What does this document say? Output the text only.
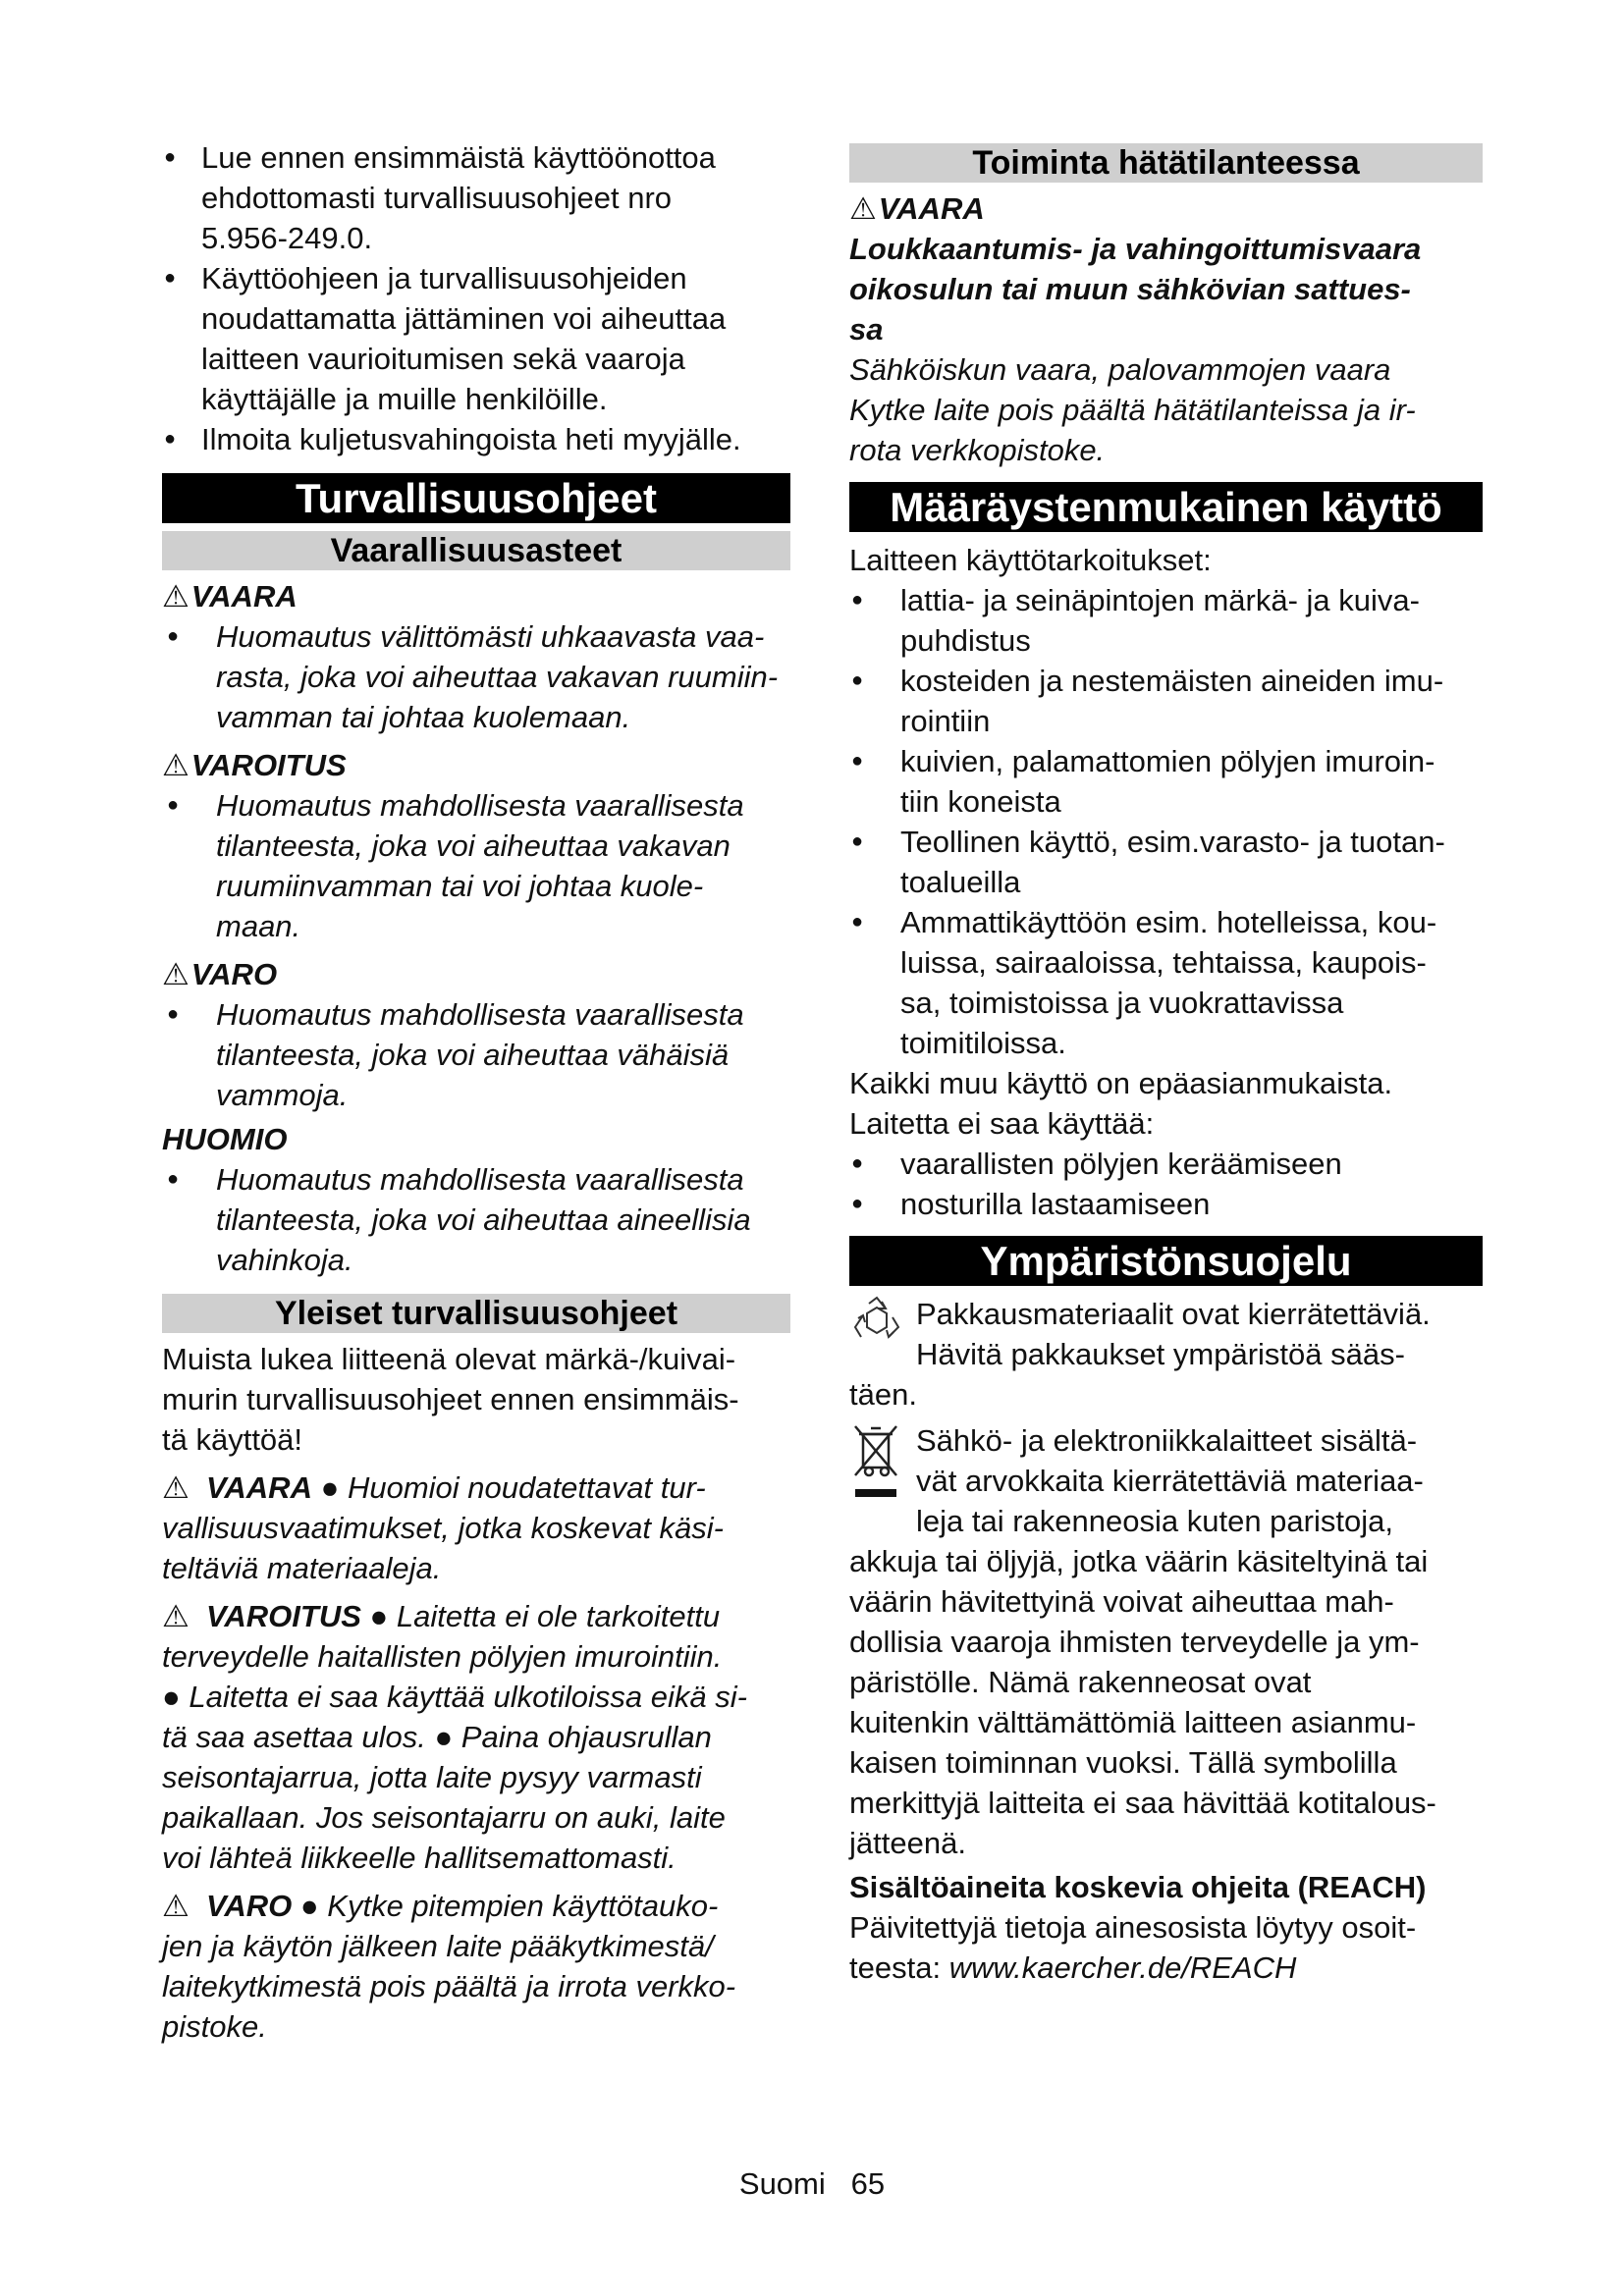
● Lue ennen ensimmäistä käyttöönottoa
ehdottomasti turvallisuusohjeet nro
5.956-249.0.
● Käyttöohjeen ja turvallisuusohjeiden
noudattamatta jättäminen voi aiheuttaa
laitteen vaurioitumisen sekä vaaroja
käyttäjälle ja muille henkilöille.
● Ilmoita kuljetusvahingoista heti myyjälle.
Turvallisuusohjeet
Vaarallisuusasteet
⚠VAARA
● Huomautus välittömästi uhkaavasta vaa-
rasta, joka voi aiheuttaa vakavan ruumiin-
vamman tai johtaa kuolemaan.
⚠VAROITUS
● Huomautus mahdollisesta vaarallisesta
tilanteesta, joka voi aiheuttaa vakavan
ruumiinvamman tai voi johtaa kuole-
maan.
⚠VARO
● Huomautus mahdollisesta vaarallisesta
tilanteesta, joka voi aiheuttaa vähäisiä
vammoja.
HUOMIO
● Huomautus mahdollisesta vaarallisesta
tilanteesta, joka voi aiheuttaa aineellisia
vahinkoja.
Yleiset turvallisuusohjeet
Muista lukea liitteenä olevat märkä-/kuivai-
murin turvallisuusohjeet ennen ensimmäis-
tä käyttöä!
⚠  VAARA ● Huomioi noudatettavat tur-
vallisuusvaatimukset, jotka koskevat käsi-
teltäviä materiaaleja.
⚠  VAROITUS ● Laitetta ei ole tarkoitettu
terveydelle haitallisten pölyjen imurointiin.
● Laitetta ei saa käyttää ulkotiloissa eikä si-
tä saa asettaa ulos. ● Paina ohjausrullan
seisontajarrua, jotta laite pysyy varmasti
paikallaan. Jos seisontajarru on auki, laite
voi lähteä liikkeelle hallitsemattomasti.
⚠  VARO ● Kytke pitempien käyttötauko-
jen ja käytön jälkeen laite pääkytkimestä/
laitekytkimestä pois päältä ja irrota verkko-
pistoke.
Toiminta hätätilanteessa
⚠VAARA
Loukkaantumis- ja vahingoittumisvaara
oikosulun tai muun sähkövian sattues-
sa
Sähköiskun vaara, palovammojen vaara
Kytke laite pois päältä hätätilanteissa ja ir-
rota verkkopistoke.
Määräystenmukainen käyttö
Laitteen käyttötarkoitukset:
● lattia- ja seinäpintojen märkä- ja kuiva-
puhdistus
● kosteiden ja nestemäisten aineiden imu-
rointiin
● kuivien, palamattomien pölyjen imuroin-
tiin koneista
● Teollinen käyttö, esim.varasto- ja tuotan-
toalueilla
● Ammattikäyttöön esim. hotelleissa, kou-
luissa, sairaaloissa, tehtaissa, kaupois-
sa, toimistoissa ja vuokrattavissa
toimitiloissa.
Kaikki muu käyttö on epäasianmukaista.
Laitetta ei saa käyttää:
● vaarallisten pölyjen keräämiseen
● nosturilla lastaamiseen
Ympäristönsuojelu
Pakkausmateriaalit ovat kierrätettäviä.
Hävitä pakkaukset ympäristöä sääs-
täen.
Sähkö- ja elektroniikkalaitteet sisältä-
vät arvokkaita kierrätettäviä materiaa-
leja tai rakenneosia kuten paristoja,
akkuja tai öljyjä, jotka väärin käsiteltyinä tai
väärin hävitettyinä voivat aiheuttaa mah-
dollisia vaaroja ihmisten terveydelle ja ym-
päristölle. Nämä rakenneosat ovat
kuitenkin välttämättömiä laitteen asianmu-
kaisen toiminnan vuoksi. Tällä symbolilla
merkittyjä laitteita ei saa hävittää kotitalous-
jätteenä.
Sisältöaineita koskevia ohjeita (REACH)
Päivitettyjä tietoja ainesosista löytyy osoit-
teesta: www.kaercher.de/REACH
Suomi 65
